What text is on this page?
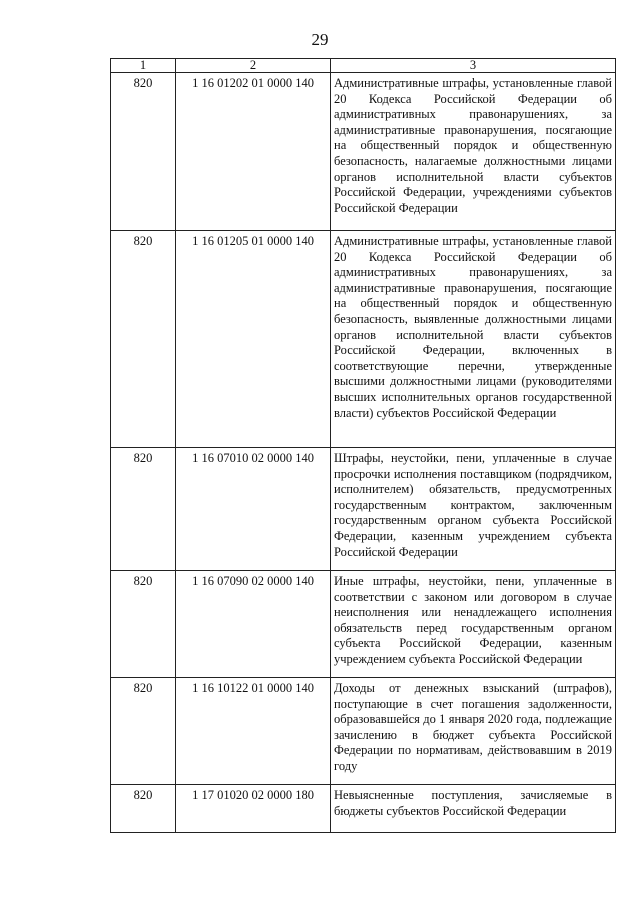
29
1	2	3
820	1 16 01202 01 0000 140	Административные штрафы, установленные главой 20 Кодекса Российской Федерации об административных правонарушениях, за административные правонарушения, посягающие на общественный порядок и общественную безопасность, налагаемые должностными лицами органов исполнительной власти субъектов Российской Федерации, учреждениями субъектов Российской Федерации
820	1 16 01205 01 0000 140	Административные штрафы, установленные главой 20 Кодекса Российской Федерации об административных правонарушениях, за административные правонарушения, посягающие на общественный порядок и общественную безопасность, выявленные должностными лицами органов исполнительной власти субъектов Российской Федерации, включенных в соответствующие перечни, утвержденные высшими должностными лицами (руководителями высших исполнительных органов государственной власти) субъектов Российской Федерации
820	1 16 07010 02 0000 140	Штрафы, неустойки, пени, уплаченные в случае просрочки исполнения поставщиком (подрядчиком, исполнителем) обязательств, предусмотренных государственным контрактом, заключенным государственным органом субъекта Российской Федерации, казенным учреждением субъекта Российской Федерации
820	1 16 07090 02 0000 140	Иные штрафы, неустойки, пени, уплаченные в соответствии с законом или договором в случае неисполнения или ненадлежащего исполнения обязательств перед государственным органом субъекта Российской Федерации, казенным учреждением субъекта Российской Федерации
820	1 16 10122 01 0000 140	Доходы от денежных взысканий (штрафов), поступающие в счет погашения задолженности, образовавшейся до 1 января 2020 года, подлежащие зачислению в бюджет субъекта Российской Федерации по нормативам, действовавшим в 2019 году
820	1 17 01020 02 0000 180	Невыясненные поступления, зачисляемые в бюджеты субъектов Российской Федерации
